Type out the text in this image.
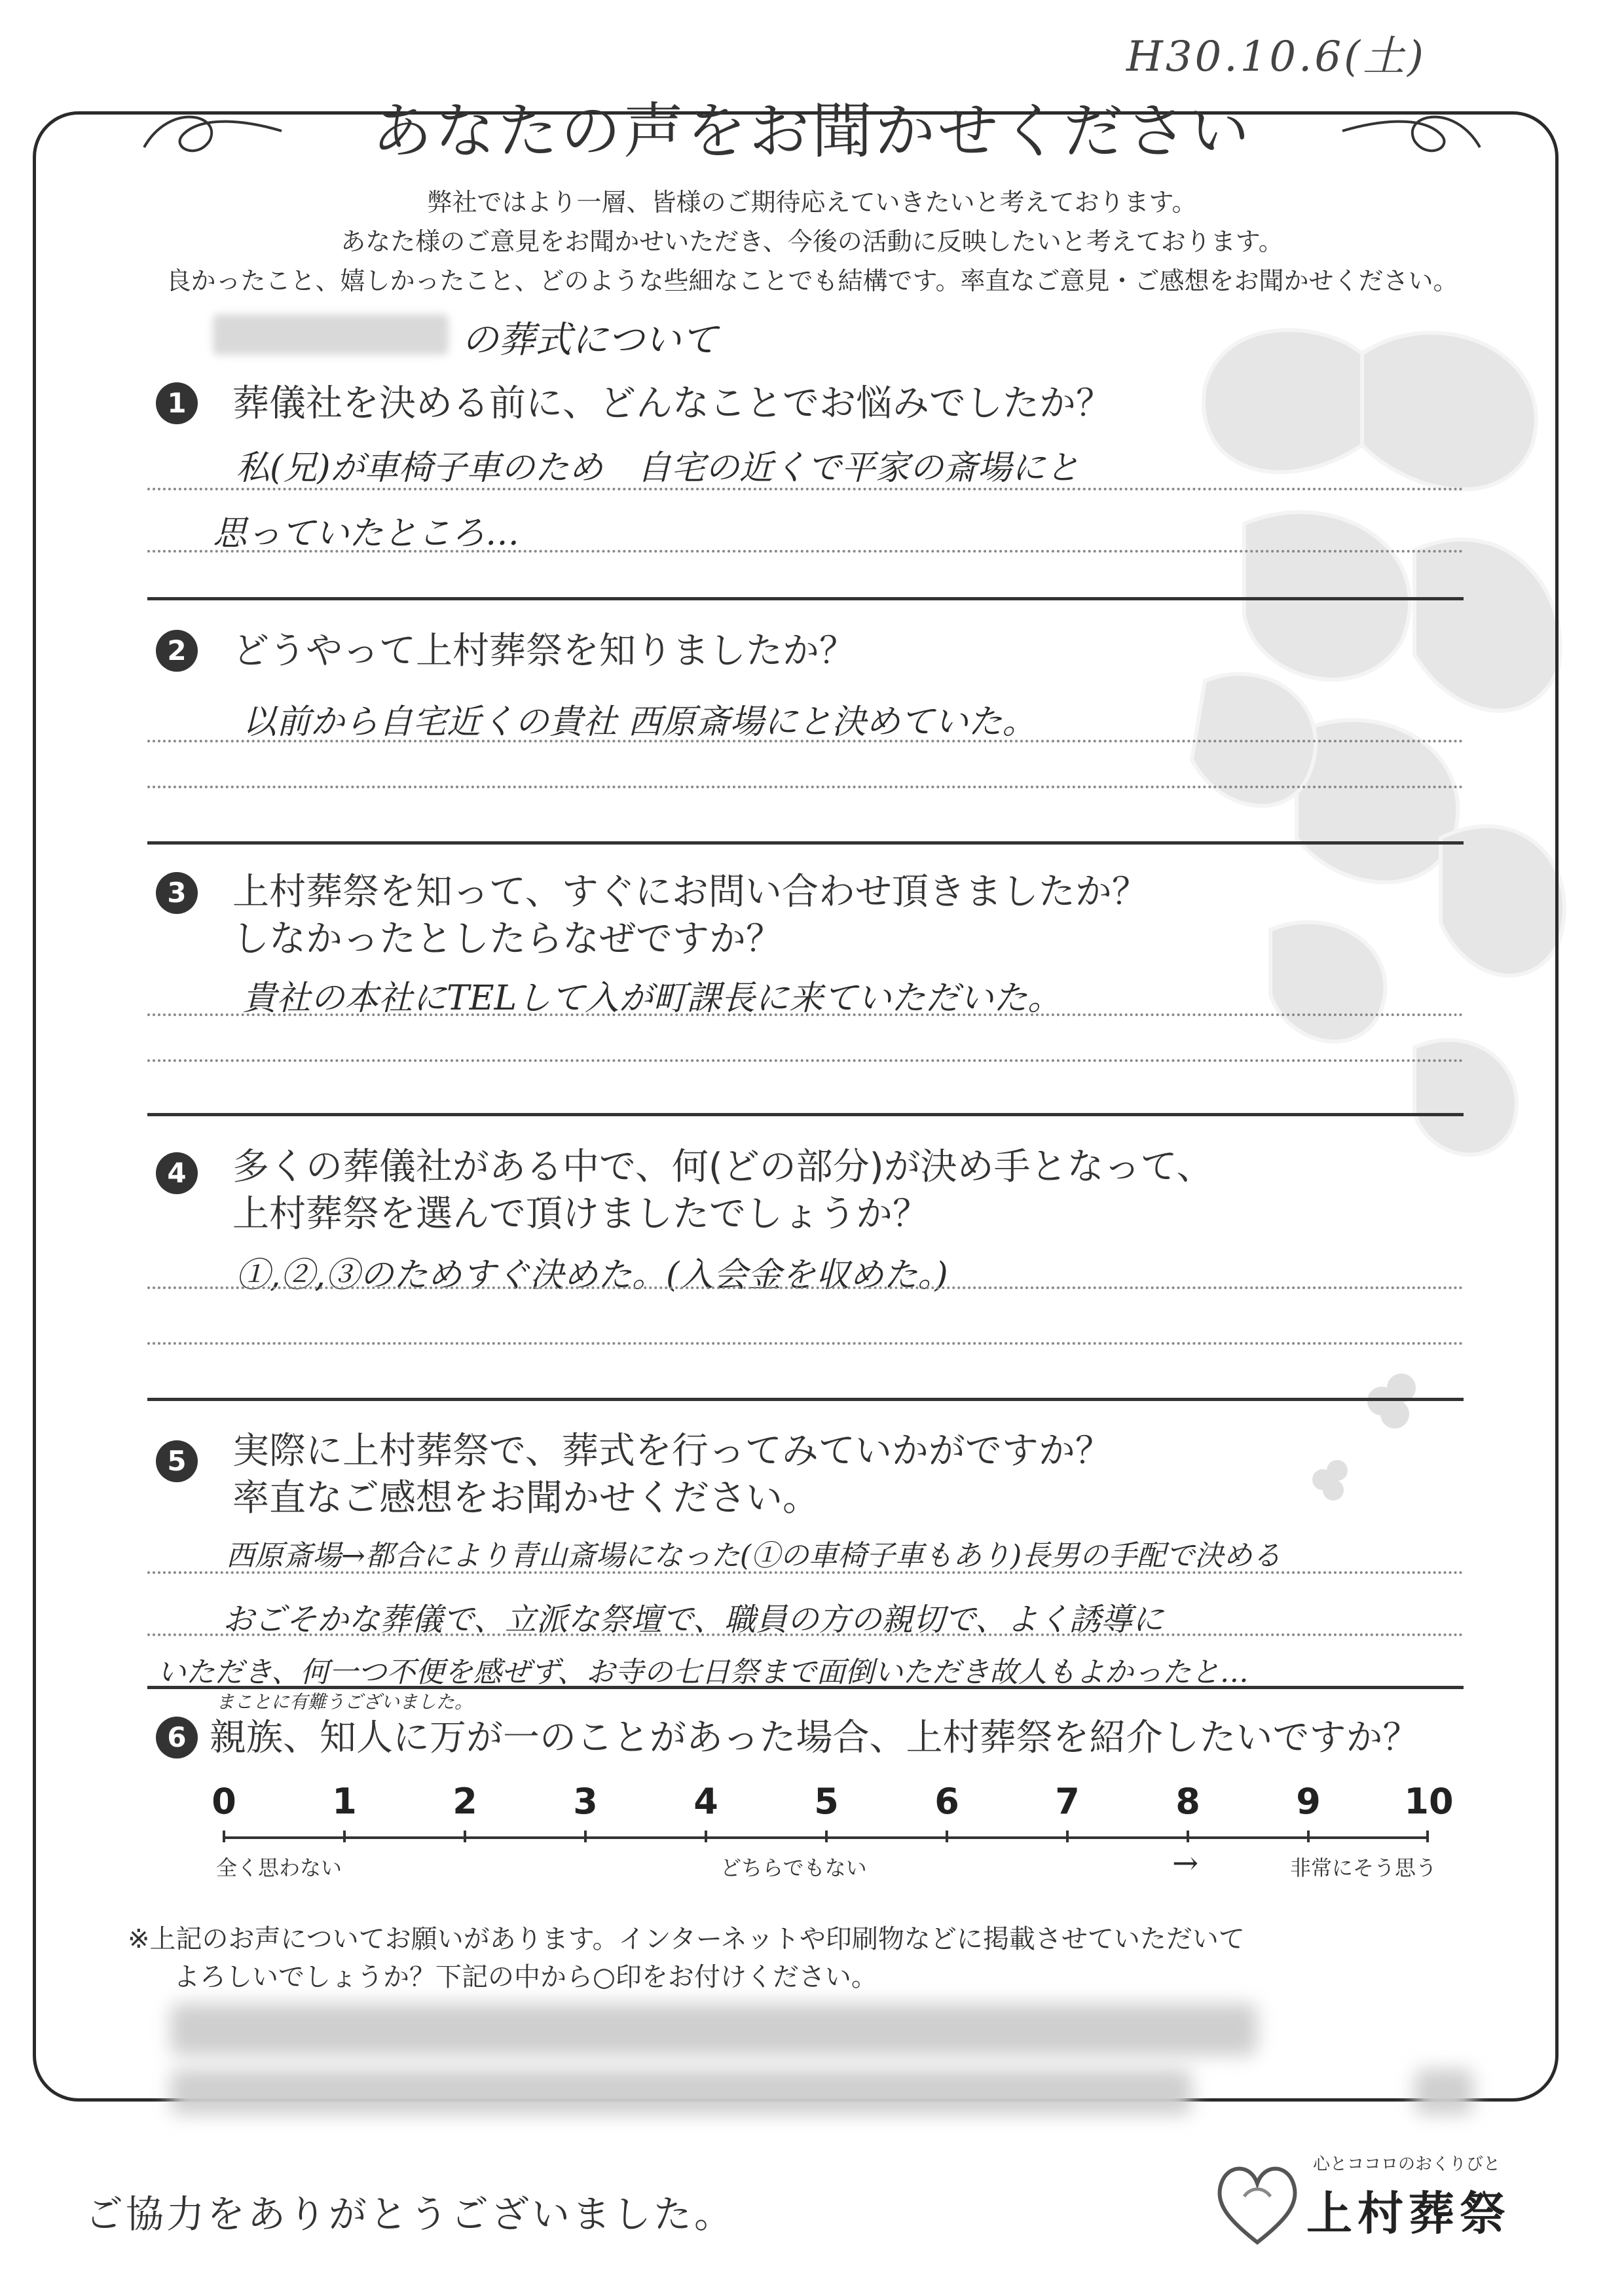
H30.10.6(土)
あなたの声をお聞かせください
弊社ではより一層、皆様のご期待応えていきたいと考えております。
あなた様のご意見をお聞かせいただき、今後の活動に反映したいと考えております。
良かったこと、嬉しかったこと、どのような些細なことでも結構です。率直なご意見・ご感想をお聞かせください。
の葬式について
1	葬儀社を決める前に、どんなことでお悩みでしたか？
私(兄)が車椅子車のため　自宅の近くで平家の斎場にと
思っていたところ…
2	どうやって上村葬祭を知りましたか？
以前から自宅近くの貴社 西原斎場にと決めていた。
3	上村葬祭を知って、すぐにお問い合わせ頂きましたか？
しなかったとしたらなぜですか？
貴社の本社にTELして入が町課長に来ていただいた。
4	多くの葬儀社がある中で、何(どの部分)が決め手となって、
上村葬祭を選んで頂けましたでしょうか？
①,②,③のためすぐ決めた。(入会金を収めた。)
5	実際に上村葬祭で、葬式を行ってみていかがですか？
率直なご感想をお聞かせください。
西原斎場→都合により青山斎場になった(①の車椅子車もあり)長男の手配で決める
おごそかな葬儀で、立派な祭壇で、職員の方の親切で、よく誘導に
いただき、何一つ不便を感ぜず、お寺の七日祭まで面倒いただき故人もよかったと…
まことに有難うございました。
6 親族、知人に万が一のことがあった場合、上村葬祭を紹介したいですか？
0	1	2	3	4	5	6	7	8	9	10
全く思わない	どちらでもない	非常にそう思う
→
※上記のお声についてお願いがあります。インターネットや印刷物などに掲載させていただいて
よろしいでしょうか？下記の中から○印をお付けください。
ご協力をありがとうございました。
心とココロのおくりびと
上村葬祭
